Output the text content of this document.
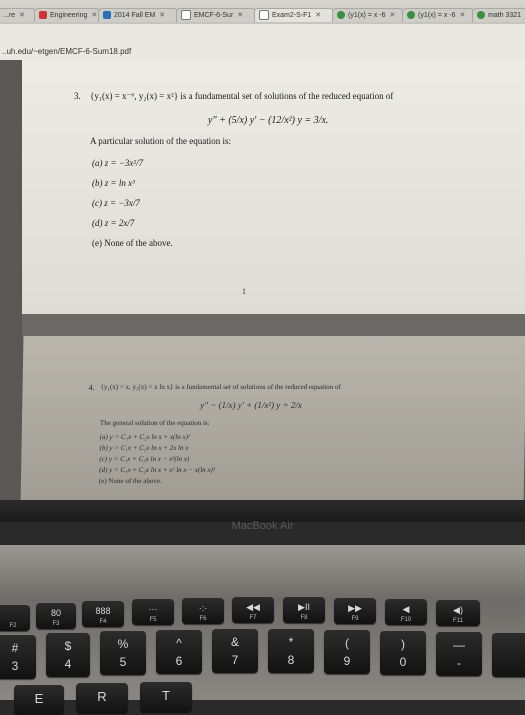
...re ✕	Engineering ✕	2014 Fall EM ✕	EMCF-6-Sur ✕	Exam2-S-F1 ✕	(y1(x) = x -6 ✕	(y1(x) = x -6 ✕	math 3321
..uh.edu/~etgen/EMCF-6-Sum18.pdf
3. {y₁(x) = x⁻⁶, y₂(x) = x²} is a fundamental set of solutions of the reduced equation of
y″ + (5/x) y′ − (12/x²) y = 3/x.
A particular solution of the equation is:
(a) z = −3x²/7
(b) z = ln x³
(c) z = −3x/7
(d) z = 2x/7
(e) None of the above.
1
4. {y₁(x) = x, y₂(x) = x ln x} is a fundamental set of solutions of the reduced equation of
y″ − (1/x) y′ + (1/x²) y = 2/x
The general solution of the equation is:
(a) y = C₁x + C₂x ln x + x(ln x)²
(b) y = C₁x + C₂x ln x + 2x ln x
(c) y = C₁x + C₂x ln x − x²(ln x)
(d) y = C₁x + C₂x ln x + x² ln x − x(ln x)²
(e) None of the above.
MacBook Air
F2
80
F3
888
F4
···
F5
·:·
F6
◀◀
F7
▶II
F8
▶▶
F9
◀
F10
◀)
F11
#
3
$
4
%
5
^
6
&
7
*
8
(
9
)
0
—
-
E	R	T
